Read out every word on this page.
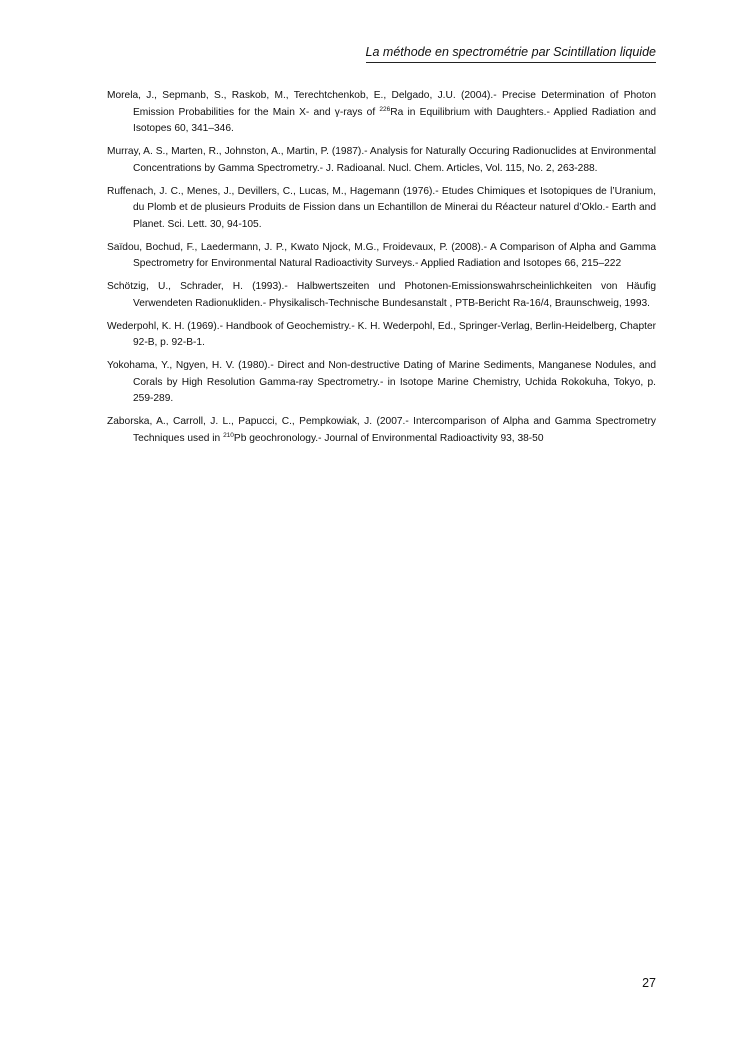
La méthode en spectrométrie par Scintillation liquide

Morela, J., Sepmanb, S., Raskob, M., Terechtchenkob, E., Delgado, J.U. (2004).- Precise Determination of Photon Emission Probabilities for the Main X- and γ-rays of $^{226}$Ra in Equilibrium with Daughters.- Applied Radiation and Isotopes 60, 341–346.

Murray, A. S., Marten, R., Johnston, A., Martin, P. (1987).- Analysis for Naturally Occuring Radionuclides at Environmental Concentrations by Gamma Spectrometry.- J. Radioanal. Nucl. Chem. Articles, Vol. 115, No. 2, 263-288.

Ruffenach, J. C., Menes, J., Devillers, C., Lucas, M., Hagemann (1976).- Etudes Chimiques et Isotopiques de l’Uranium, du Plomb et de plusieurs Produits de Fission dans un Echantillon de Minerai du Réacteur naturel d’Oklo.- Earth and Planet. Sci. Lett. 30, 94-105.

Saïdou, Bochud, F., Laedermann, J. P., Kwato Njock, M.G., Froidevaux, P. (2008).- A Comparison of Alpha and Gamma Spectrometry for Environmental Natural Radioactivity Surveys.- Applied Radiation and Isotopes 66, 215–222

Schötzig, U., Schrader, H. (1993).- Halbwertszeiten und Photonen-Emissionswahrscheinlichkeiten von Häufig Verwendeten Radionukliden.- Physikalisch-Technische Bundesanstalt , PTB-Bericht Ra-16/4, Braunschweig, 1993.

Wederpohl, K. H. (1969).- Handbook of Geochemistry.- K. H. Wederpohl, Ed., Springer-Verlag, Berlin-Heidelberg, Chapter 92-B, p. 92-B-1.

Yokohama, Y., Ngyen, H. V. (1980).- Direct and Non-destructive Dating of Marine Sediments, Manganese Nodules, and Corals by High Resolution Gamma-ray Spectrometry.- in Isotope Marine Chemistry, Uchida Rokokuha, Tokyo, p. 259-289.

Zaborska, A., Carroll, J. L., Papucci, C., Pempkowiak, J. (2007.- Intercomparison of Alpha and Gamma Spectrometry Techniques used in $^{210}$Pb geochronology.- Journal of Environmental Radioactivity 93, 38-50

27
